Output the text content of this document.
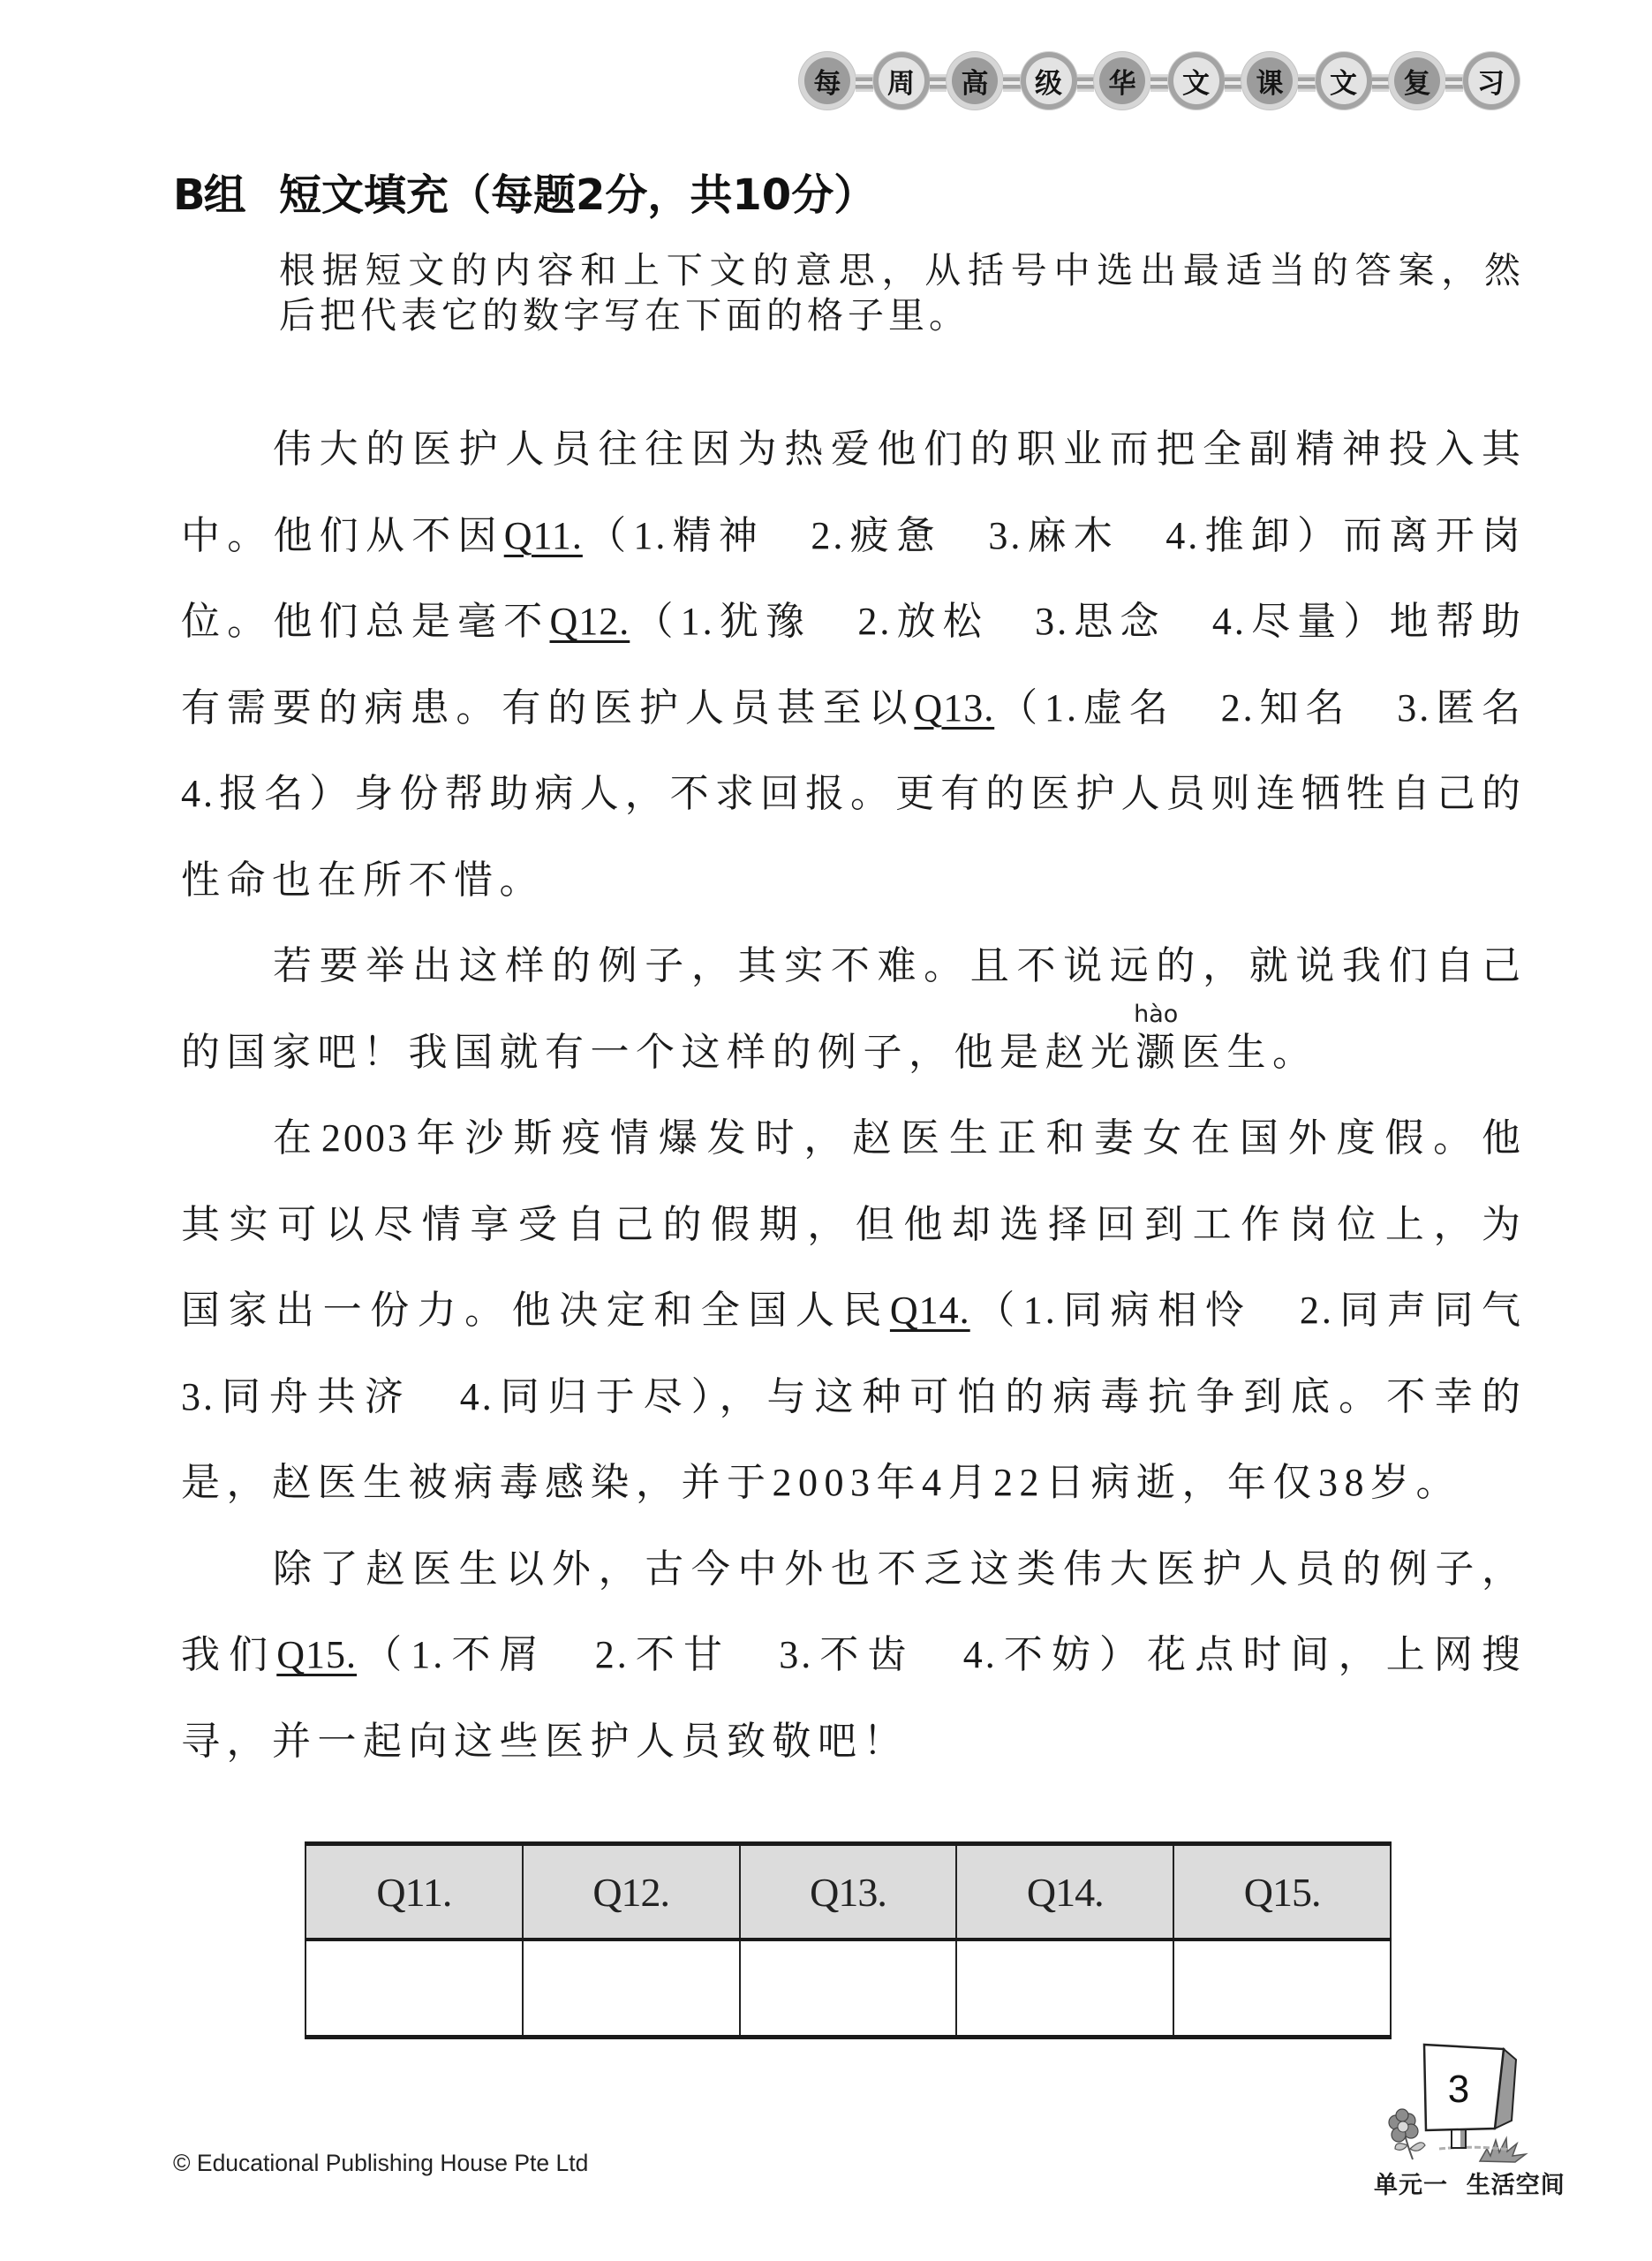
每	周	高	级	华	文	课	文	复	习
B组 短文填充（每题2分，共10分）
根据短文的内容和上下文的意思，从括号中选出最适当的答案，然
后把代表它的数字写在下面的格子里。
伟大的医护人员往往因为热爱他们的职业而把全副精神投入其
中。他们从不因Q11.（1.精神　2.疲惫　3.麻木　4.推卸）而离开岗
位。他们总是毫不Q12.（1.犹豫　2.放松　3.思念　4.尽量）地帮助
有需要的病患。有的医护人员甚至以Q13.（1.虚名　2.知名　3.匿名
4.报名）身份帮助病人，不求回报。更有的医护人员则连牺牲自己的
性命也在所不惜。
若要举出这样的例子，其实不难。且不说远的，就说我们自己
的国家吧！我国就有一个这样的例子，他是赵光
hào
灏医生。
在2003年沙斯疫情爆发时，赵医生正和妻女在国外度假。他
其实可以尽情享受自己的假期，但他却选择回到工作岗位上，为
国家出一份力。他决定和全国人民Q14.（1.同病相怜　2.同声同气
3.同舟共济　4.同归于尽），与这种可怕的病毒抗争到底。不幸的
是，赵医生被病毒感染，并于2003年4月22日病逝，年仅38岁。
除了赵医生以外，古今中外也不乏这类伟大医护人员的例子，
我们Q15.（1.不屑　2.不甘　3.不齿　4.不妨）花点时间，上网搜
寻，并一起向这些医护人员致敬吧！
Q11.	Q12.	Q13.	Q14.	Q15.

© Educational Publishing House Pte Ltd
3
单元一  生活空间
